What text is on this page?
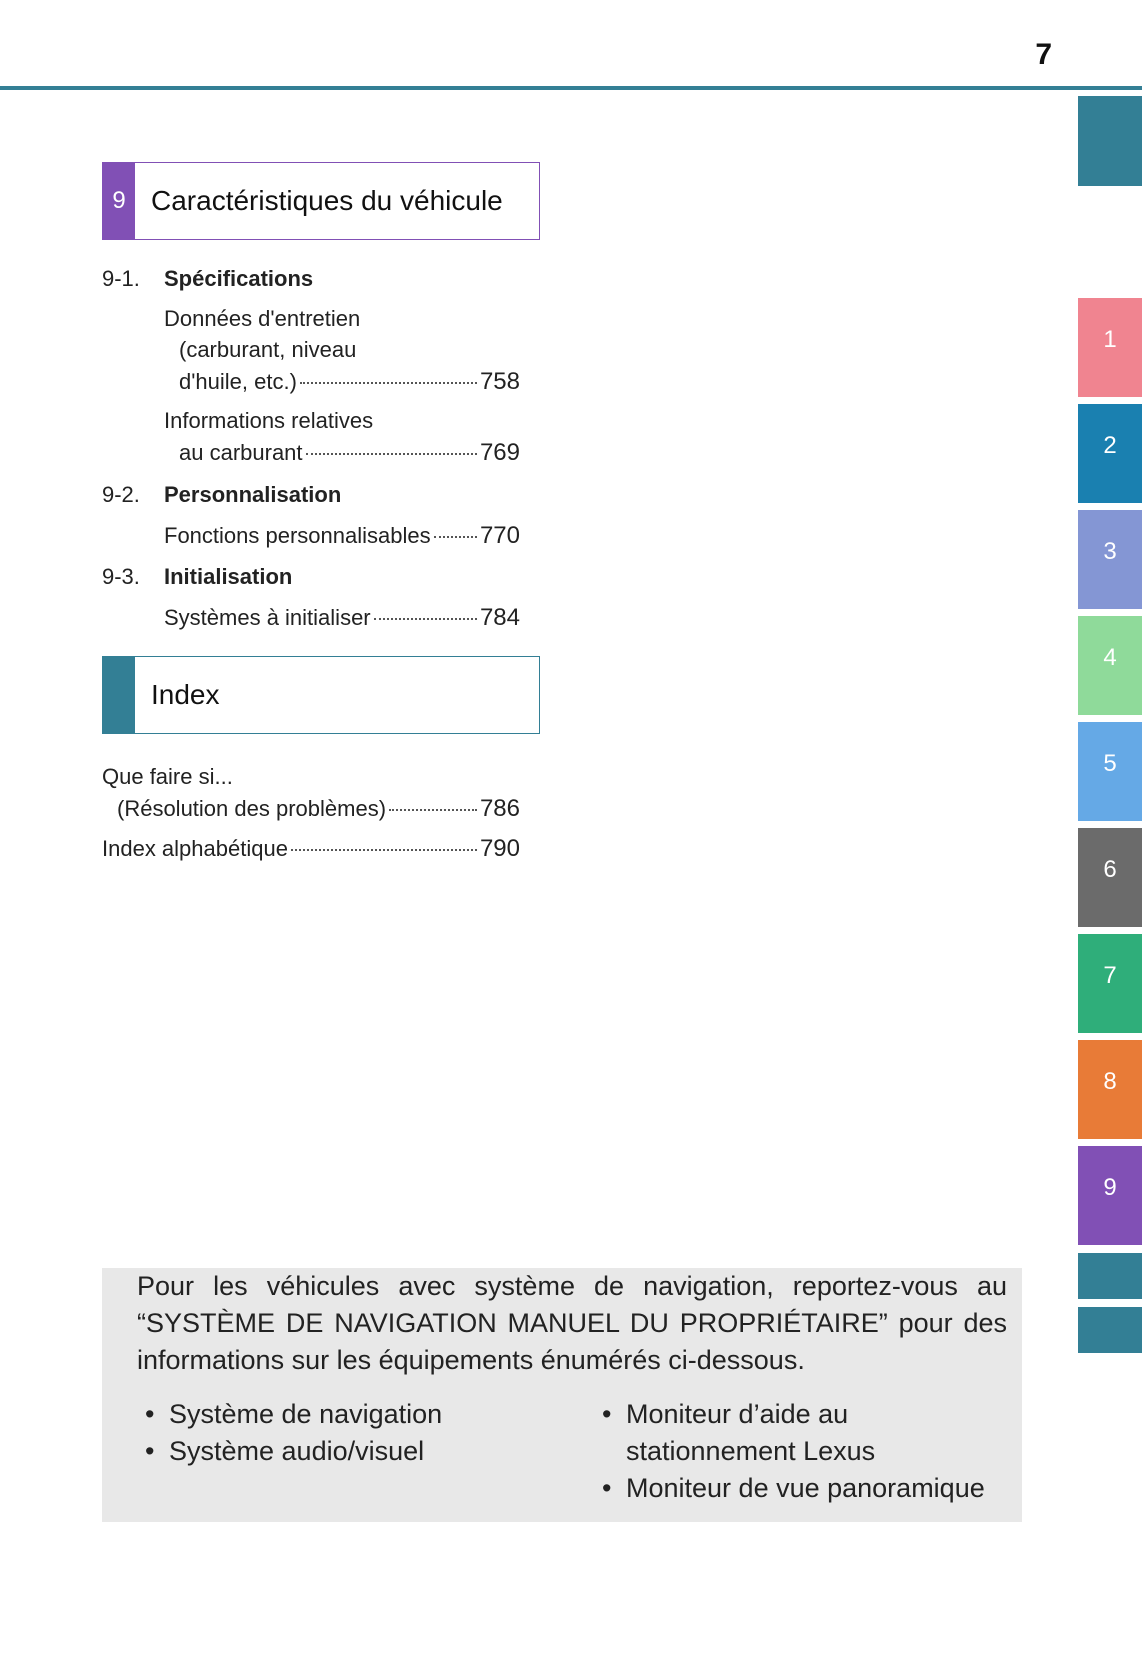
7
1
2
3
4
5
6
7
8
9
9 Caractéristiques du véhicule
9-1. Spécifications
Données d'entretien
(carburant, niveau
d'huile, etc.)	758
Informations relatives
au carburant	769
9-2. Personnalisation
Fonctions personnalisables 770
9-3. Initialisation
Systèmes à initialiser	784
Index
Que faire si...
(Résolution des problèmes)	786
Index alphabétique	790

Pour les véhicules avec système de navigation, reportez-vous au “SYSTÈME DE NAVIGATION MANUEL DU PROPRIÉTAIRE” pour des informations sur les équipements énumérés ci-dessous.

• Système de navigation
• Système audio/visuel
• Moniteur d’aide au stationnement Lexus
• Moniteur de vue panoramique
